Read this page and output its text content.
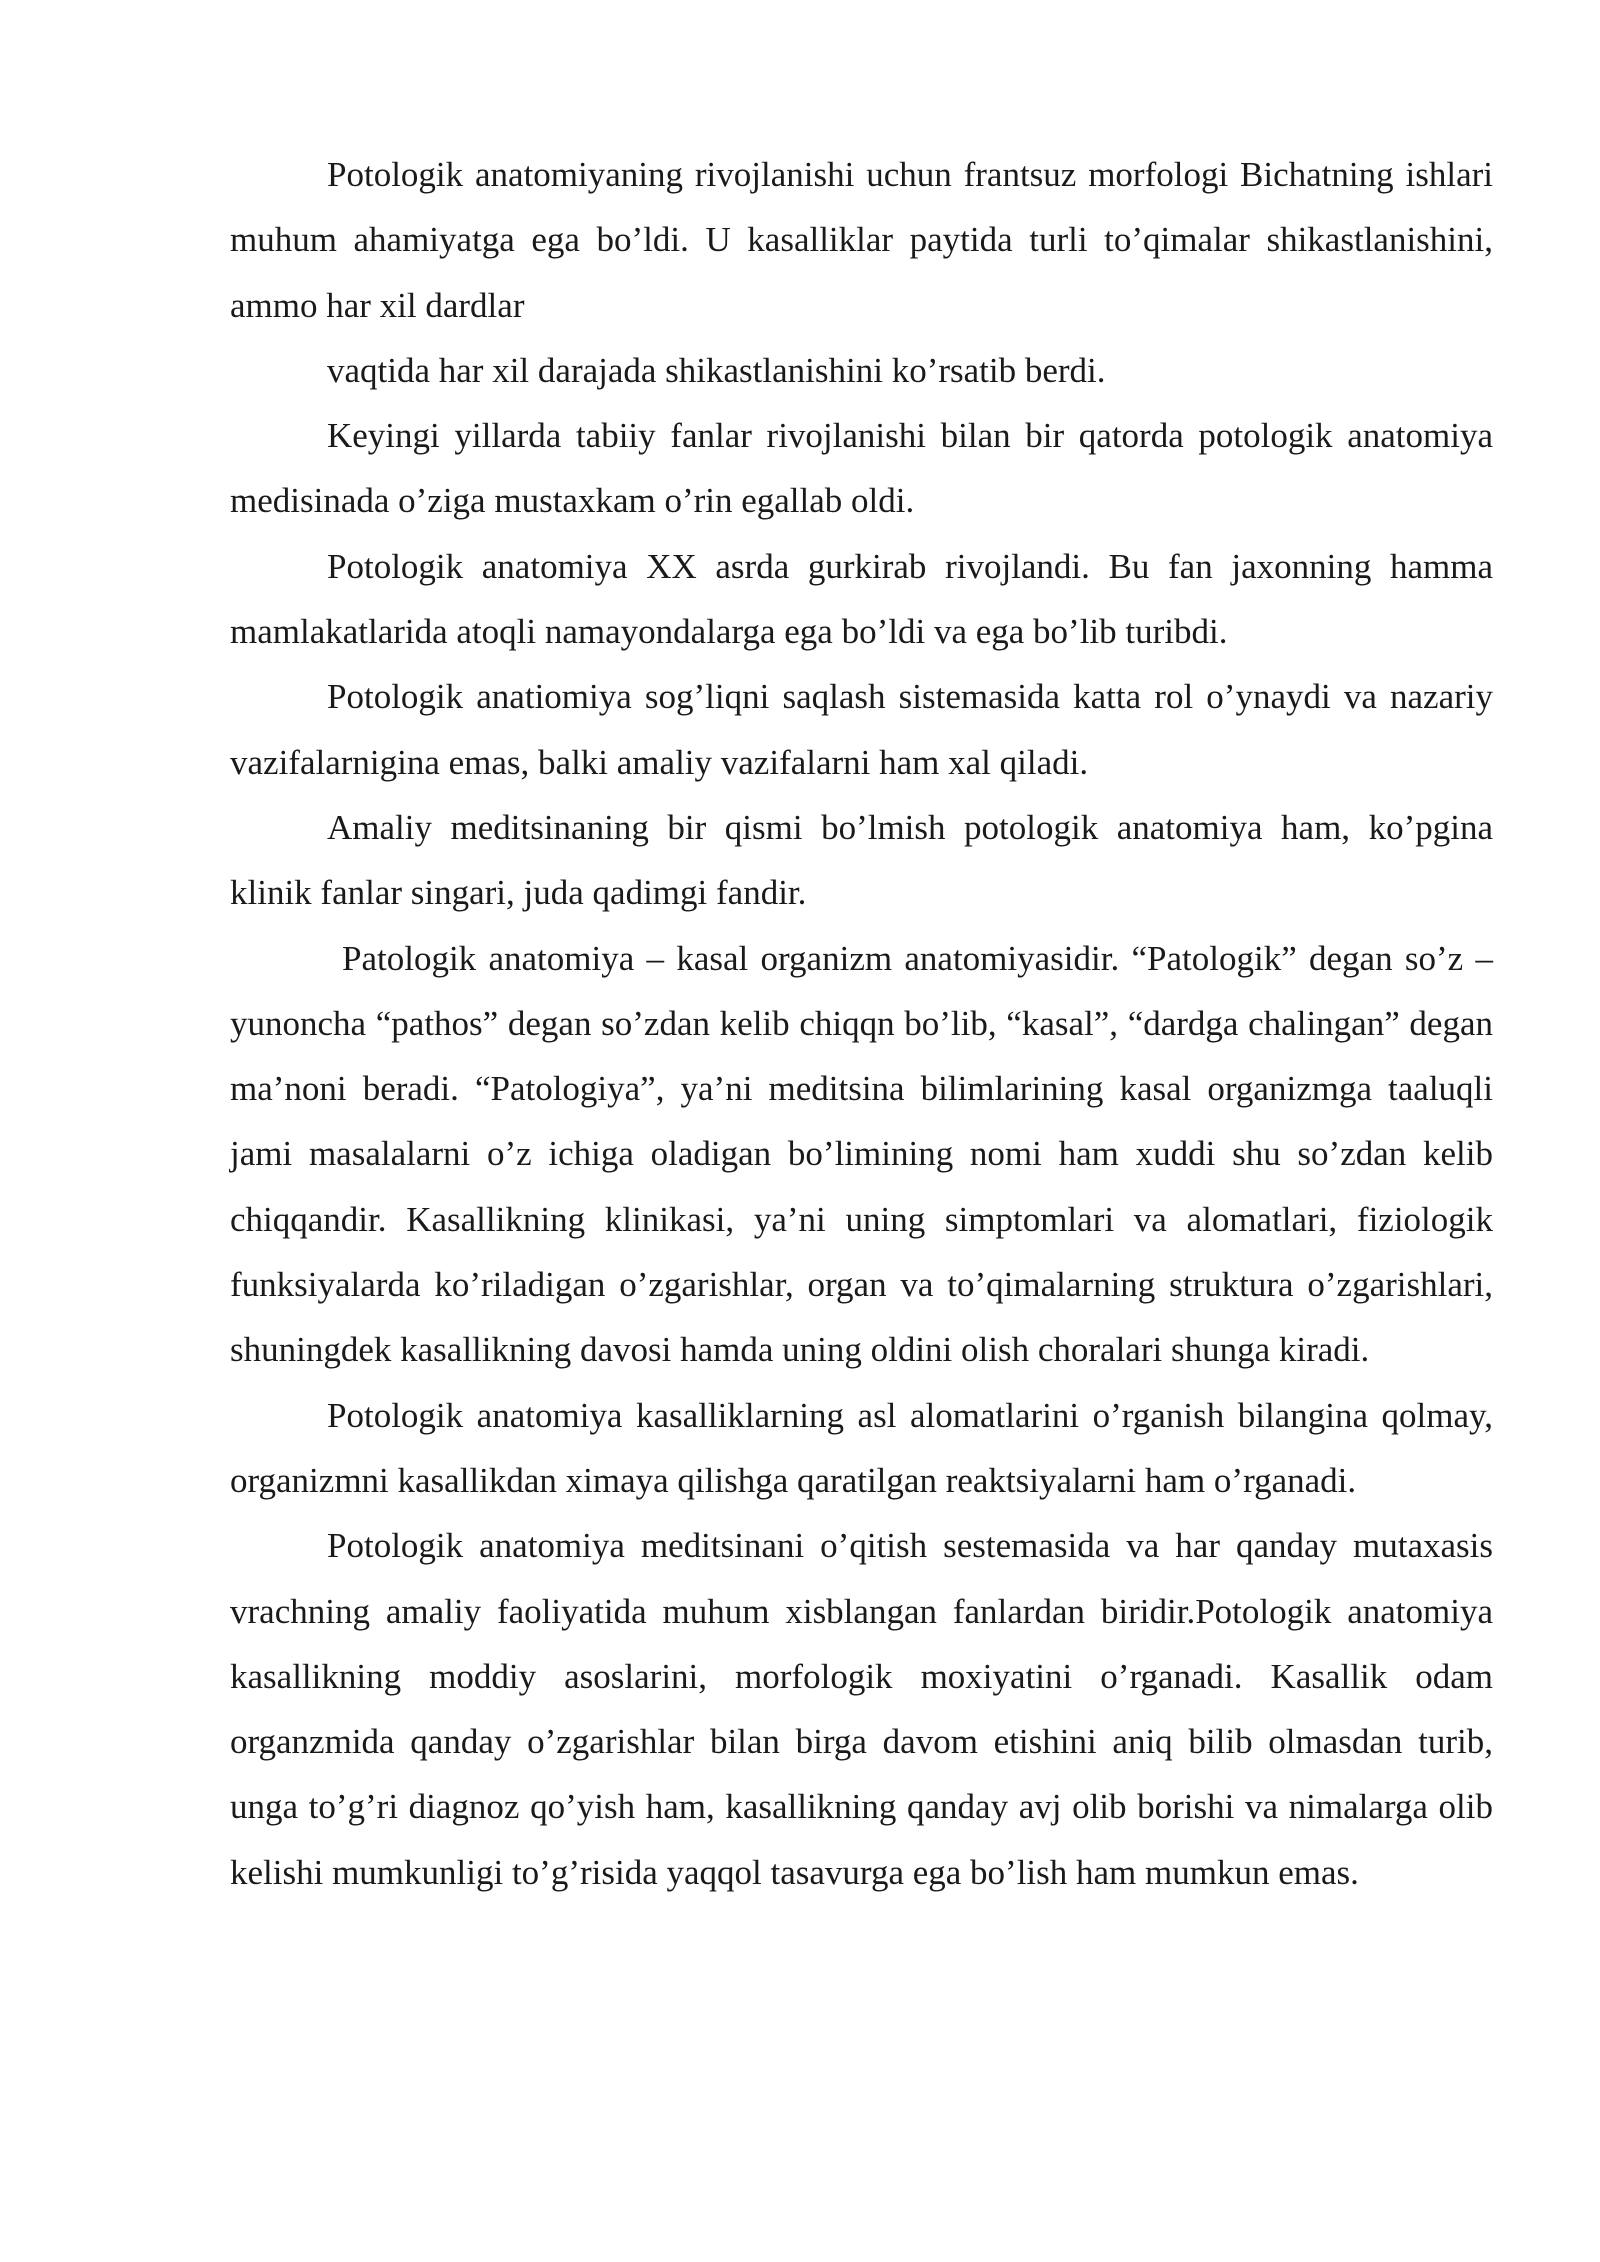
Potologik anatomiyaning rivojlanishi uchun frantsuz morfologi Bichatning ishlari muhum ahamiyatga ega bo’ldi. U kasalliklar paytida turli to’qimalar shikastlanishini, ammo har xil dardlar

vaqtida har xil darajada shikastlanishini ko’rsatib berdi.

Keyingi yillarda tabiiy fanlar rivojlanishi bilan bir qatorda potologik anatomiya medisinada o’ziga mustaxkam o’rin egallab oldi.

Potologik anatomiya XX asrda gurkirab rivojlandi. Bu fan jaxonning hamma mamlakatlarida atoqli namayondalarga ega bo’ldi va ega bo’lib turibdi.

Potologik anatiomiya sog’liqni saqlash sistemasida katta rol o’ynaydi va nazariy vazifalarnigina emas, balki amaliy vazifalarni ham xal qiladi.

Amaliy meditsinaning bir qismi bo’lmish potologik anatomiya ham, ko’pgina klinik fanlar singari, juda qadimgi fandir.

Patologik anatomiya – kasal organizm anatomiyasidir. “Patologik” degan so’z – yunoncha “pathos” degan so’zdan kelib chiqqn bo’lib, “kasal”, “dardga chalingan” degan ma’noni beradi. “Patologiya”, ya’ni meditsina bilimlarining kasal organizmga taaluqli jami masalalarni o’z ichiga oladigan bo’limining nomi ham xuddi shu so’zdan kelib chiqqandir. Kasallikning klinikasi, ya’ni uning simptomlari va alomatlari, fiziologik funksiyalarda ko’riladigan o’zgarishlar, organ va to’qimalarning struktura o’zgarishlari, shuningdek kasallikning davosi hamda uning oldini olish choralari shunga kiradi.

Potologik anatomiya kasalliklarning asl alomatlarini o’rganish bilangina qolmay, organizmni kasallikdan ximaya qilishga qaratilgan reaktsiyalarni ham o’rganadi.

Potologik anatomiya meditsinani o’qitish sestemasida va har qanday mutaxasis vrachning amaliy faoliyatida muhum xisblangan fanlardan biridir.Potologik anatomiya kasallikning moddiy asoslarini, morfologik moxiyatini o’rganadi. Kasallik odam organzmida qanday o’zgarishlar bilan birga davom etishini aniq bilib olmasdan turib, unga to’g’ri diagnoz qo’yish ham, kasallikning qanday avj olib borishi va nimalarga olib kelishi mumkunligi to’g’risida yaqqol tasavurga ega bo’lish ham mumkun emas.
